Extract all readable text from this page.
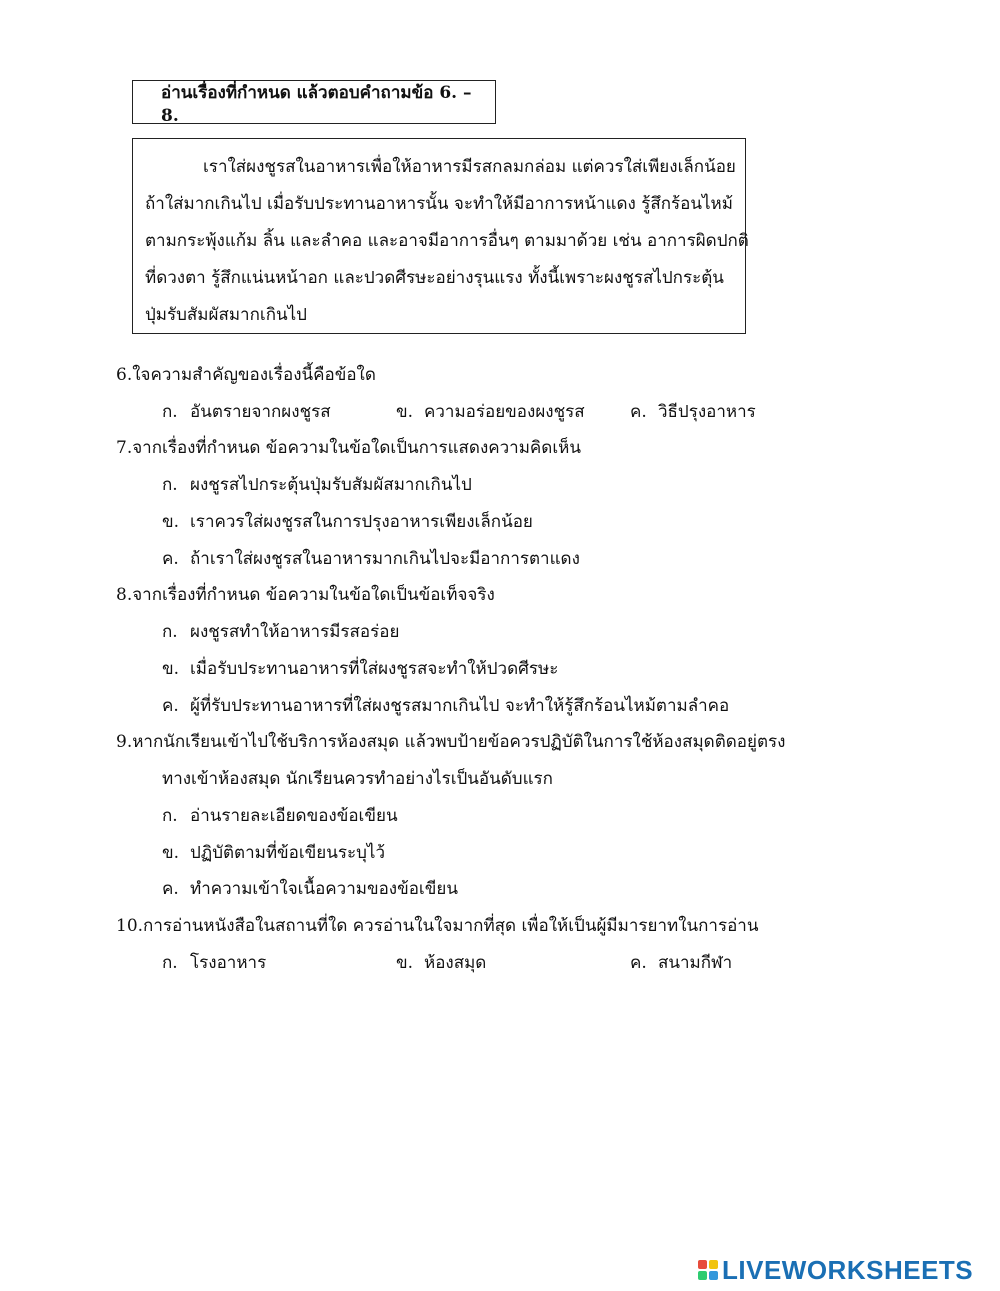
อ่านเรื่องที่กำหนด แล้วตอบคำถามข้อ 6. – 8.
เราใส่ผงชูรสในอาหารเพื่อให้อาหารมีรสกลมกล่อม แต่ควรใส่เพียงเล็กน้อย
ถ้าใส่มากเกินไป เมื่อรับประทานอาหารนั้น จะทำให้มีอาการหน้าแดง รู้สึกร้อนไหม้
ตามกระพุ้งแก้ม ลิ้น และลำคอ และอาจมีอาการอื่นๆ ตามมาด้วย เช่น อาการผิดปกติ
ที่ดวงตา รู้สึกแน่นหน้าอก และปวดศีรษะอย่างรุนแรง ทั้งนี้เพราะผงชูรสไปกระตุ้น
ปุ่มรับสัมผัสมากเกินไป
6.ใจความสำคัญของเรื่องนี้คือข้อใด
ก. อันตรายจากผงชูรส	ข. ความอร่อยของผงชูรส	ค. วิธีปรุงอาหาร
7.จากเรื่องที่กำหนด ข้อความในข้อใดเป็นการแสดงความคิดเห็น
ก. ผงชูรสไปกระตุ้นปุ่มรับสัมผัสมากเกินไป
ข. เราควรใส่ผงชูรสในการปรุงอาหารเพียงเล็กน้อย
ค. ถ้าเราใส่ผงชูรสในอาหารมากเกินไปจะมีอาการตาแดง
8.จากเรื่องที่กำหนด ข้อความในข้อใดเป็นข้อเท็จจริง
ก. ผงชูรสทำให้อาหารมีรสอร่อย
ข. เมื่อรับประทานอาหารที่ใส่ผงชูรสจะทำให้ปวดศีรษะ
ค. ผู้ที่รับประทานอาหารที่ใส่ผงชูรสมากเกินไป จะทำให้รู้สึกร้อนไหม้ตามลำคอ
9.หากนักเรียนเข้าไปใช้บริการห้องสมุด แล้วพบป้ายข้อควรปฏิบัติในการใช้ห้องสมุดติดอยู่ตรง
ทางเข้าห้องสมุด นักเรียนควรทำอย่างไรเป็นอันดับแรก
ก. อ่านรายละเอียดของข้อเขียน
ข. ปฏิบัติตามที่ข้อเขียนระบุไว้
ค. ทำความเข้าใจเนื้อความของข้อเขียน
10.การอ่านหนังสือในสถานที่ใด ควรอ่านในใจมากที่สุด เพื่อให้เป็นผู้มีมารยาทในการอ่าน
ก. โรงอาหาร	ข. ห้องสมุด	ค. สนามกีฬา
LIVEWORKSHEETS
